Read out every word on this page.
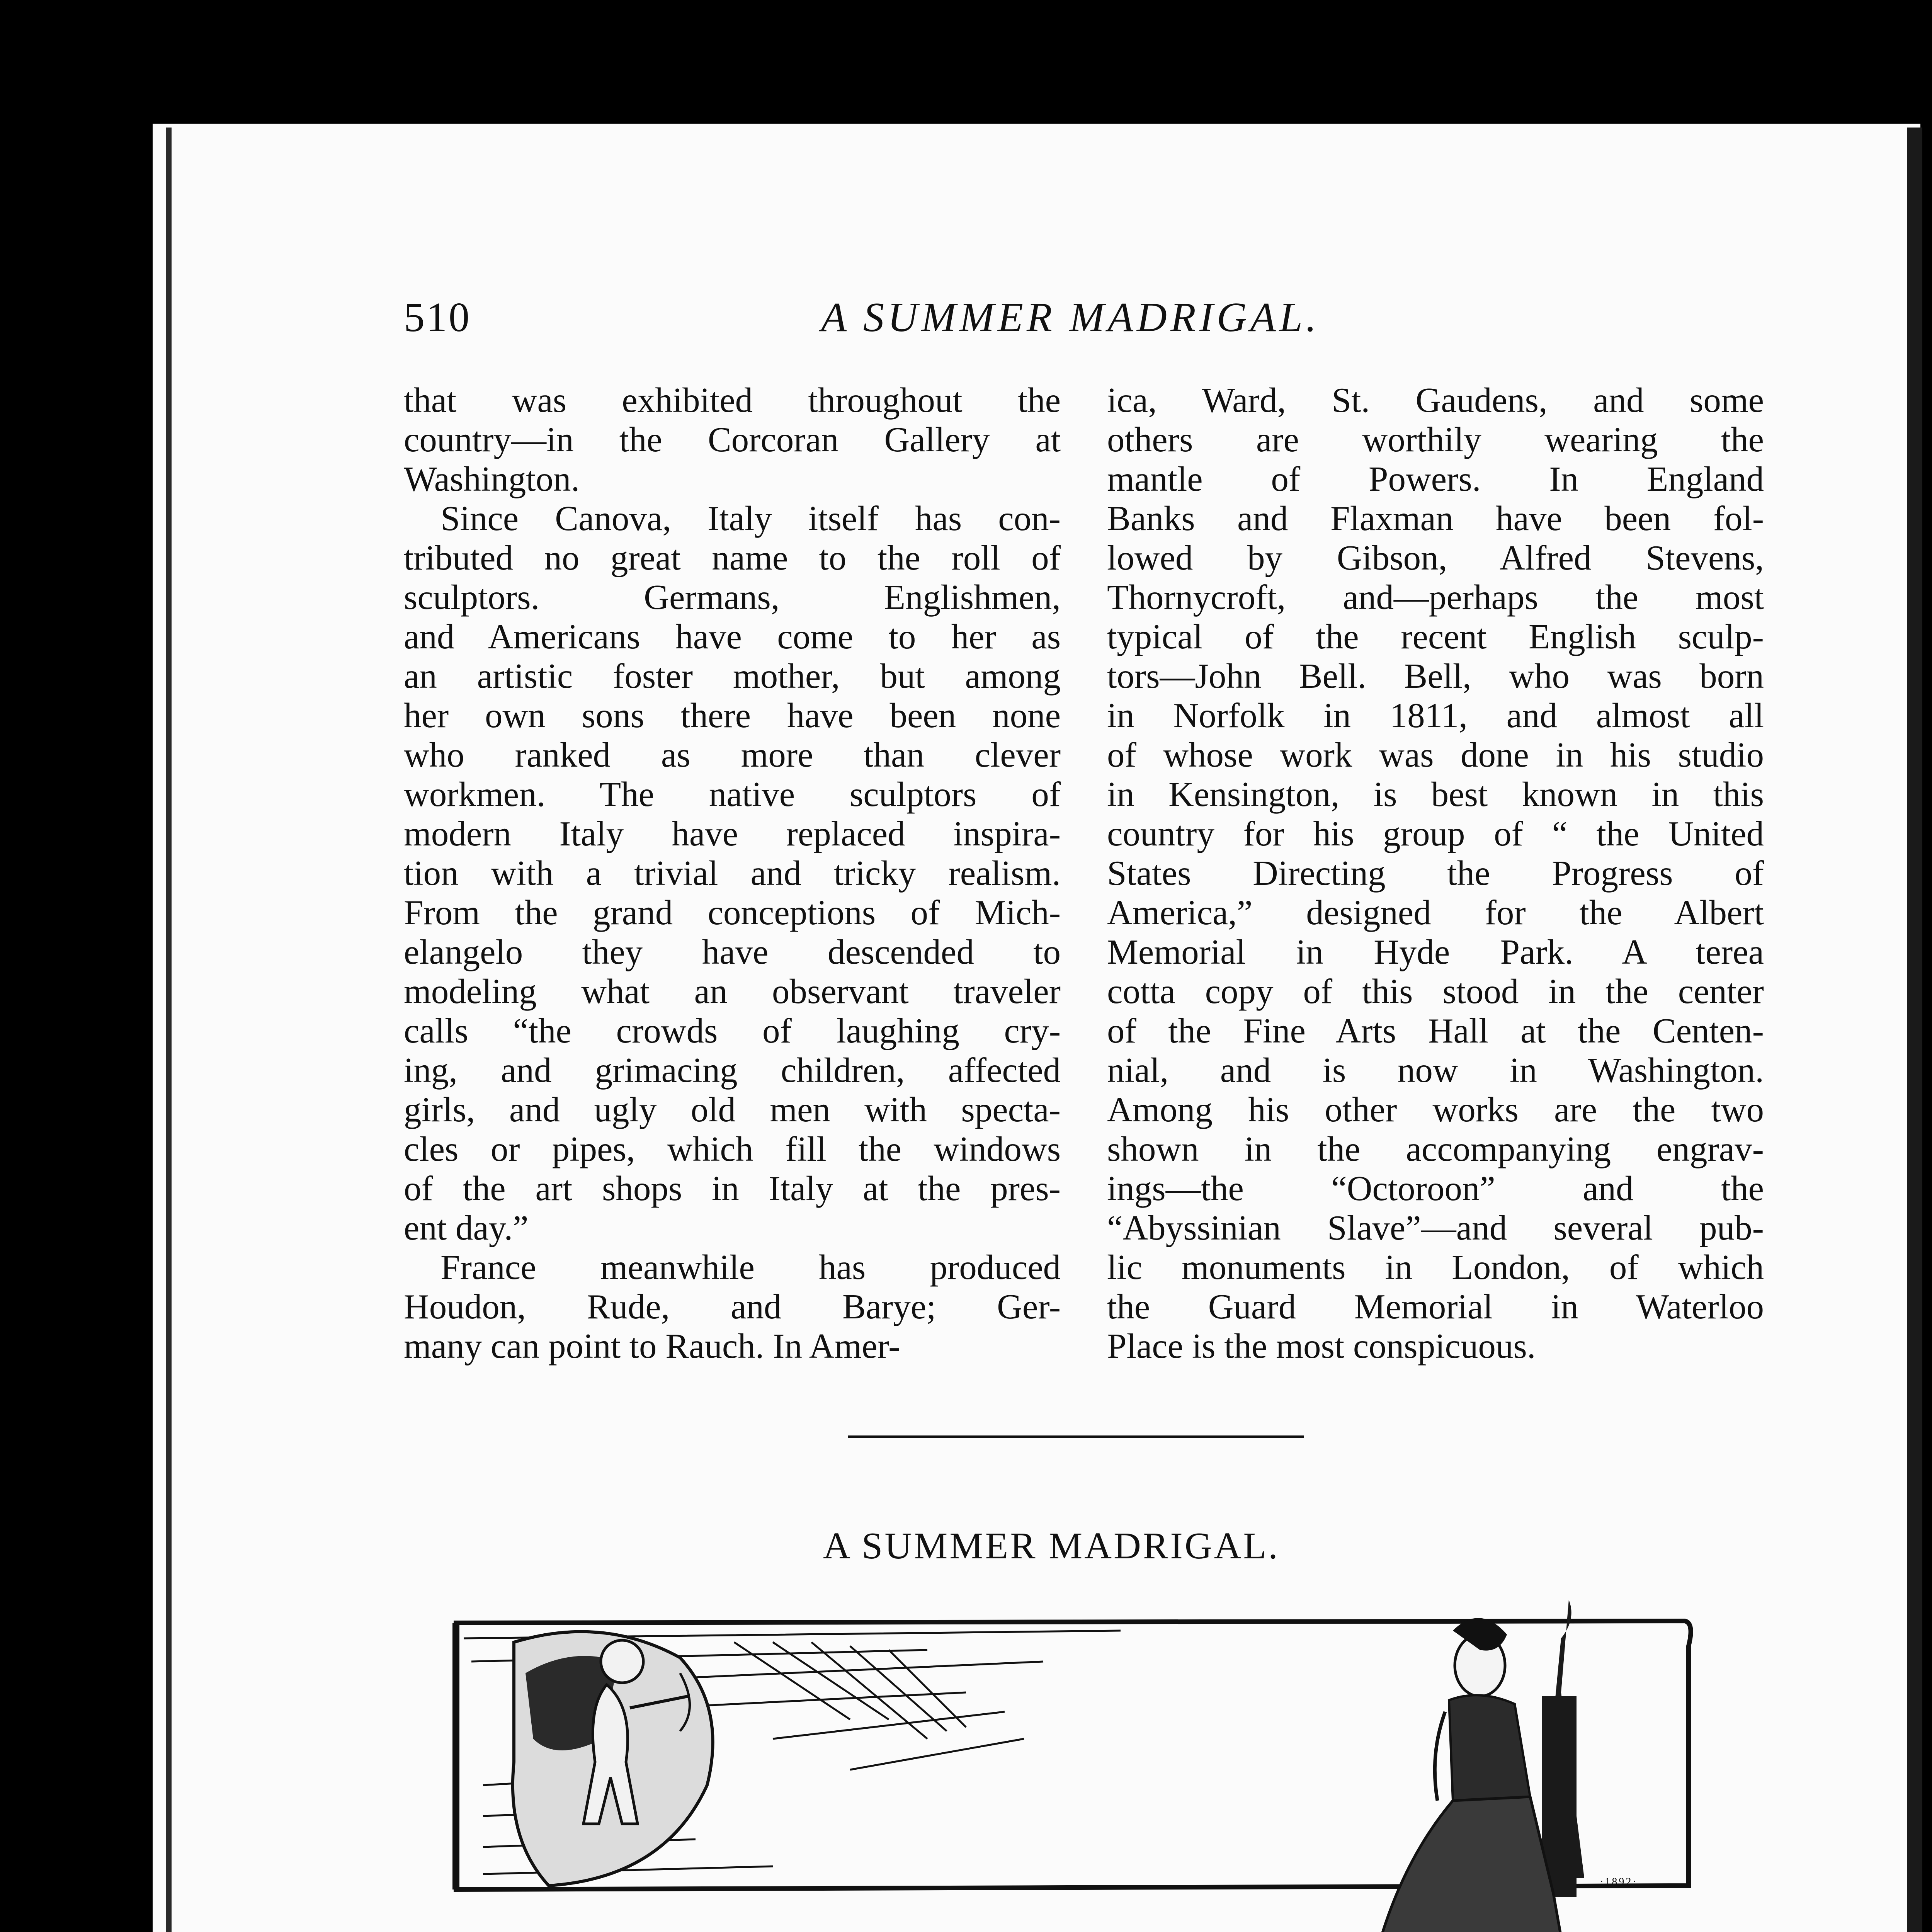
510	A SUMMER MADRIGAL.
that was exhibited throughout the
country—in the Corcoran Gallery at
Washington.
Since Canova, Italy itself has con-
tributed no great name to the roll of
sculptors. Germans, Englishmen,
and Americans have come to her as
an artistic foster mother, but among
her own sons there have been none
who ranked as more than clever
workmen. The native sculptors of
modern Italy have replaced inspira-
tion with a trivial and tricky realism.
From the grand conceptions of Mich-
elangelo they have descended to
modeling what an observant traveler
calls “the crowds of laughing cry-
ing, and grimacing children, affected
girls, and ugly old men with specta-
cles or pipes, which fill the windows
of the art shops in Italy at the pres-
ent day.”
France meanwhile has produced
Houdon, Rude, and Barye; Ger-
many can point to Rauch. In Amer-
ica, Ward, St. Gaudens, and some
others are worthily wearing the
mantle of Powers. In England
Banks and Flaxman have been fol-
lowed by Gibson, Alfred Stevens,
Thornycroft, and—perhaps the most
typical of the recent English sculp-
tors—John Bell. Bell, who was born
in Norfolk in 1811, and almost all
of whose work was done in his studio
in Kensington, is best known in this
country for his group of “ the United
States Directing the Progress of
America,” designed for the Albert
Memorial in Hyde Park. A terea
cotta copy of this stood in the center
of the Fine Arts Hall at the Centen-
nial, and is now in Washington.
Among his other works are the two
shown in the accompanying engrav-
ings—the “Octoroon” and the
“Abyssinian Slave”—and several pub-
lic monuments in London, of which
the Guard Memorial in Waterloo
Place is the most conspicuous.
A SUMMER MADRIGAL.
·1892·
